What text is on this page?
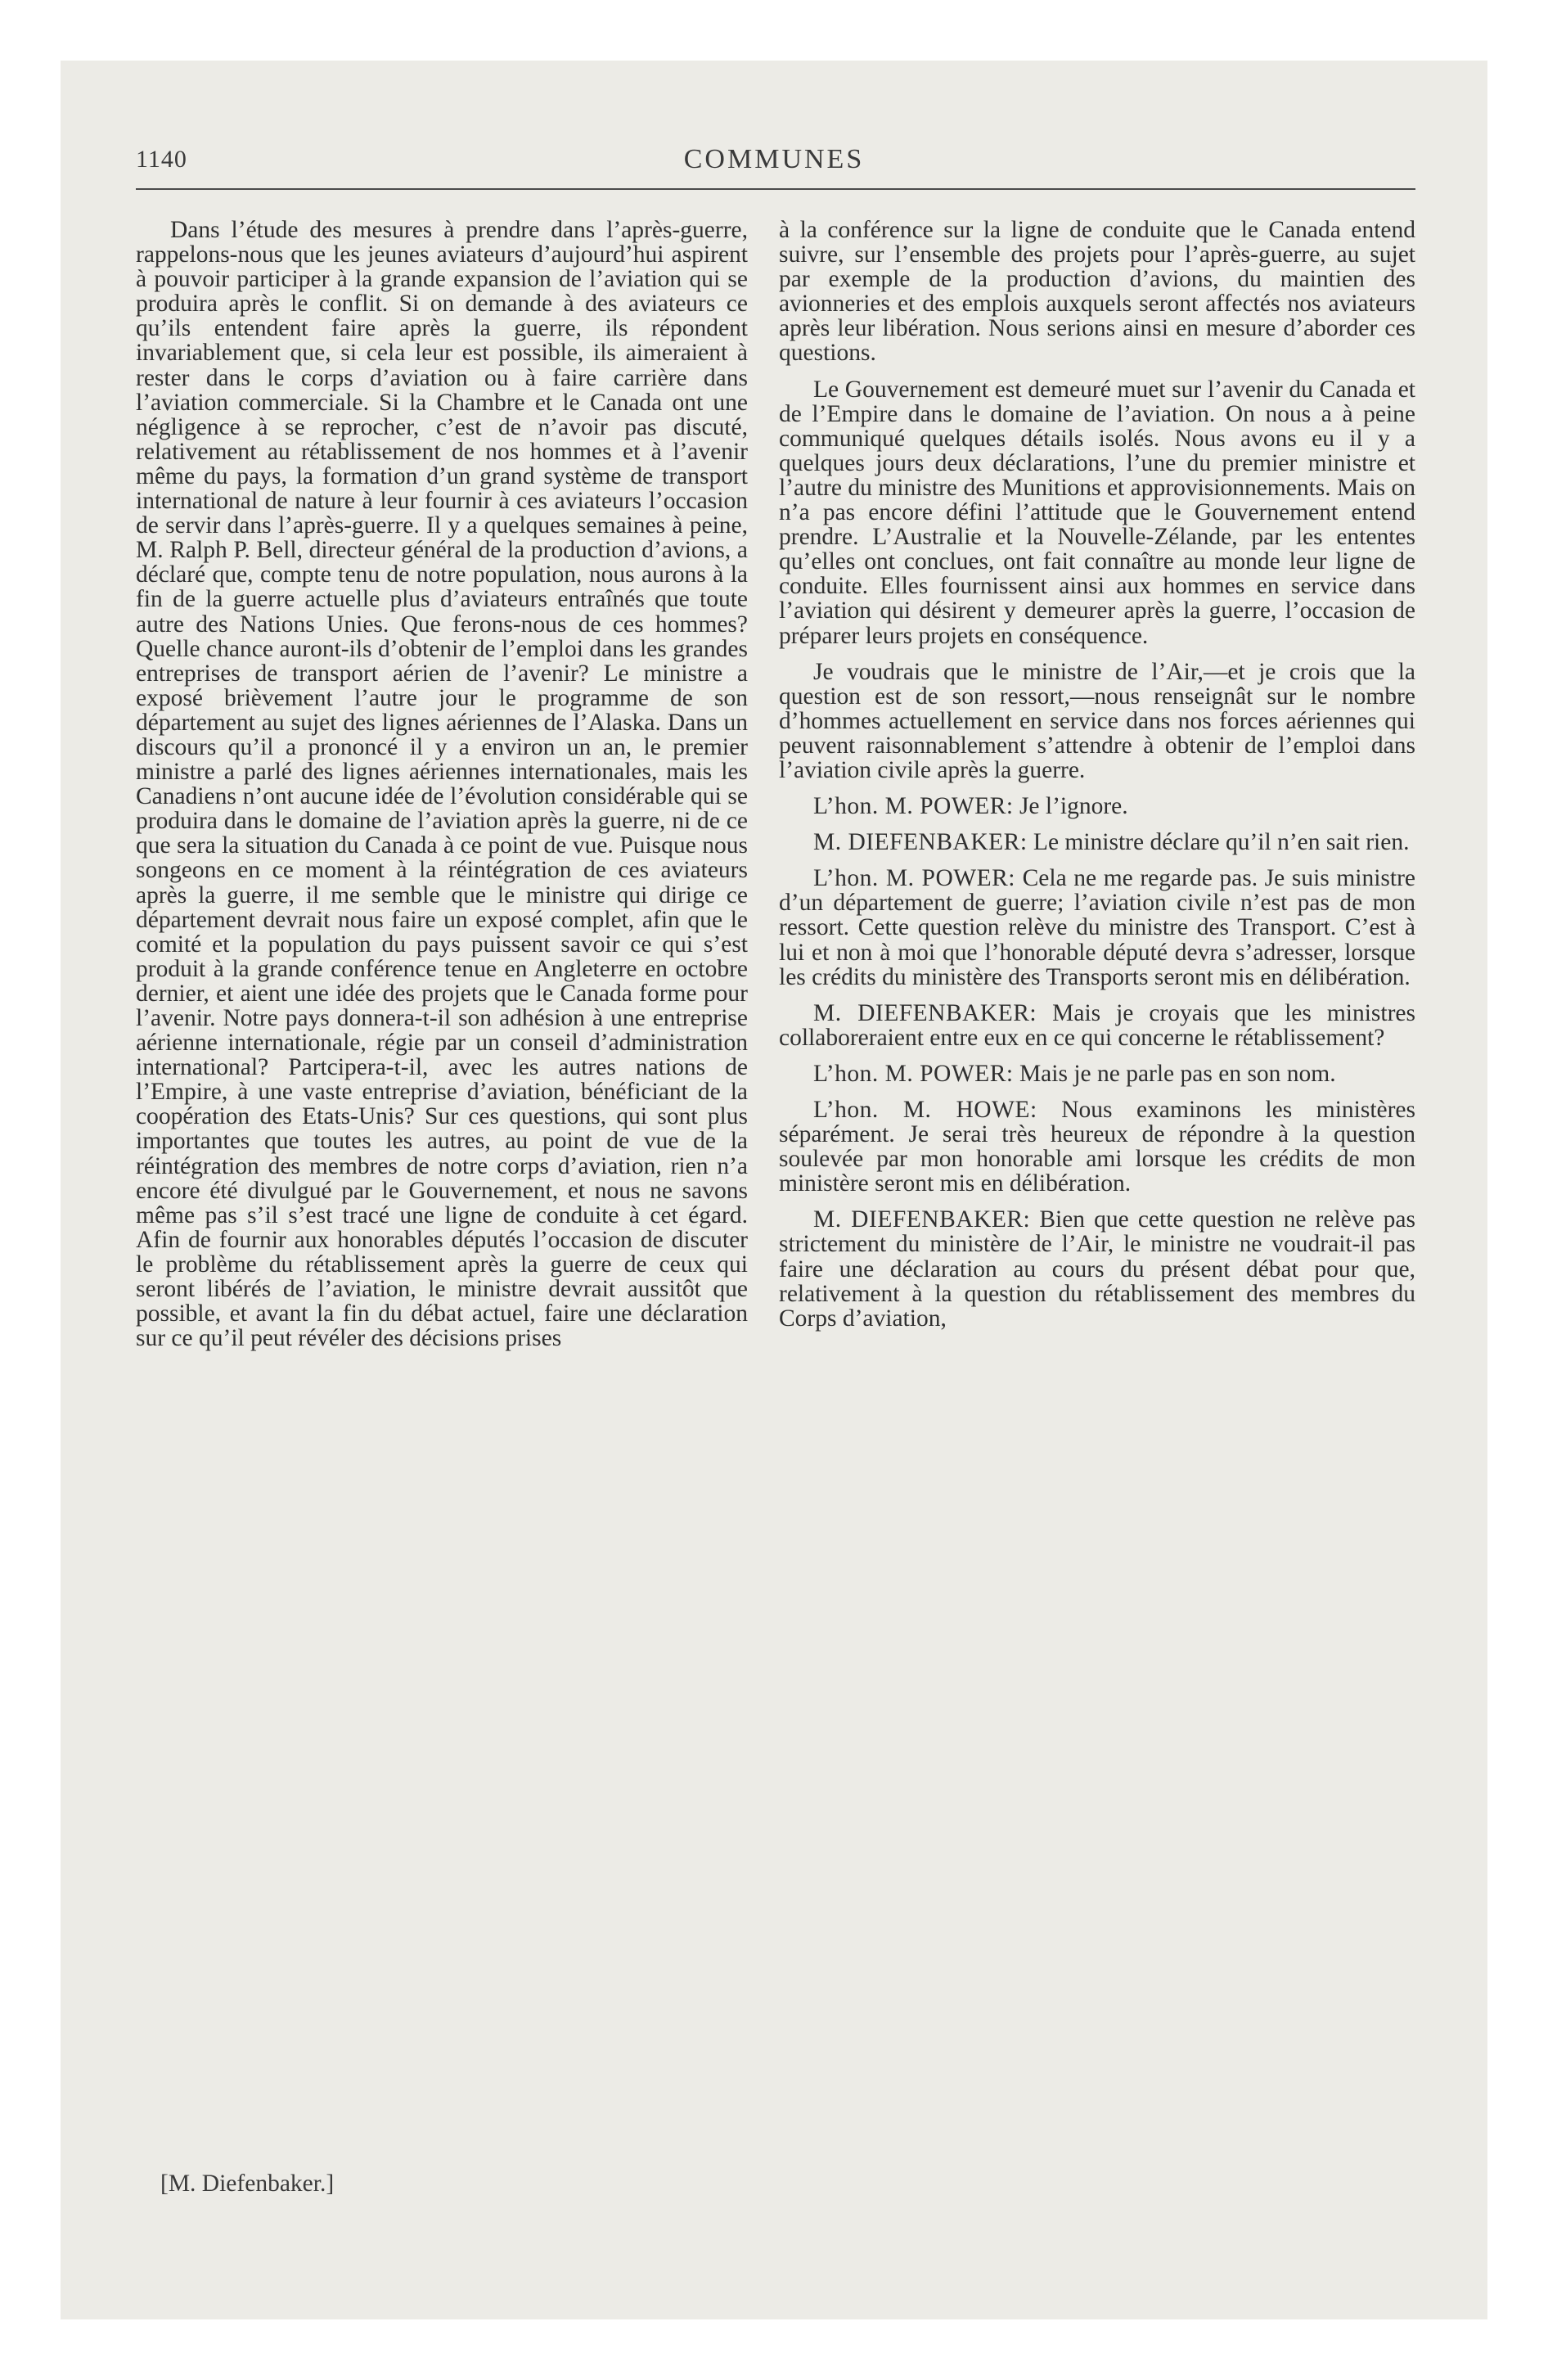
1140	COMMUNES

Dans l’étude des mesures à prendre dans l’après-guerre, rappelons-nous que les jeunes aviateurs d’aujourd’hui aspirent à pouvoir participer à la grande expansion de l’aviation qui se produira après le conflit. Si on demande à des aviateurs ce qu’ils entendent faire après la guerre, ils répondent invariablement que, si cela leur est possible, ils aimeraient à rester dans le corps d’aviation ou à faire carrière dans l’aviation commerciale. Si la Chambre et le Canada ont une négligence à se reprocher, c’est de n’avoir pas discuté, relativement au rétablissement de nos hommes et à l’avenir même du pays, la formation d’un grand système de transport international de nature à leur fournir à ces aviateurs l’occasion de servir dans l’après-guerre. Il y a quelques semaines à peine, M. Ralph P. Bell, directeur général de la production d’avions, a déclaré que, compte tenu de notre population, nous aurons à la fin de la guerre actuelle plus d’aviateurs entraînés que toute autre des Nations Unies. Que ferons-nous de ces hommes? Quelle chance auront-ils d’obtenir de l’emploi dans les grandes entreprises de transport aérien de l’avenir? Le ministre a exposé brièvement l’autre jour le programme de son département au sujet des lignes aériennes de l’Alaska. Dans un discours qu’il a prononcé il y a environ un an, le premier ministre a parlé des lignes aériennes internationales, mais les Canadiens n’ont aucune idée de l’évolution considérable qui se produira dans le domaine de l’aviation après la guerre, ni de ce que sera la situation du Canada à ce point de vue. Puisque nous songeons en ce moment à la réintégration de ces aviateurs après la guerre, il me semble que le ministre qui dirige ce département devrait nous faire un exposé complet, afin que le comité et la population du pays puissent savoir ce qui s’est produit à la grande conférence tenue en Angleterre en octobre dernier, et aient une idée des projets que le Canada forme pour l’avenir. Notre pays donnera-t-il son adhésion à une entreprise aérienne internationale, régie par un conseil d’administration international? Partcipera-t-il, avec les autres nations de l’Empire, à une vaste entreprise d’aviation, bénéficiant de la coopération des Etats-Unis? Sur ces questions, qui sont plus importantes que toutes les autres, au point de vue de la réintégration des membres de notre corps d’aviation, rien n’a encore été divulgué par le Gouvernement, et nous ne savons même pas s’il s’est tracé une ligne de conduite à cet égard. Afin de fournir aux honorables députés l’occasion de discuter le problème du rétablissement après la guerre de ceux qui seront libérés de l’aviation, le ministre devrait aussitôt que possible, et avant la fin du débat actuel, faire une déclaration sur ce qu’il peut révéler des décisions prises

à la conférence sur la ligne de conduite que le Canada entend suivre, sur l’ensemble des projets pour l’après-guerre, au sujet par exemple de la production d’avions, du maintien des avionneries et des emplois auxquels seront affectés nos aviateurs après leur libération. Nous serions ainsi en mesure d’aborder ces questions.

Le Gouvernement est demeuré muet sur l’avenir du Canada et de l’Empire dans le domaine de l’aviation. On nous a à peine communiqué quelques détails isolés. Nous avons eu il y a quelques jours deux déclarations, l’une du premier ministre et l’autre du ministre des Munitions et approvisionnements. Mais on n’a pas encore défini l’attitude que le Gouvernement entend prendre. L’Australie et la Nouvelle-Zélande, par les ententes qu’elles ont conclues, ont fait connaître au monde leur ligne de conduite. Elles fournissent ainsi aux hommes en service dans l’aviation qui désirent y demeurer après la guerre, l’occasion de préparer leurs projets en conséquence.

Je voudrais que le ministre de l’Air,—et je crois que la question est de son ressort,—nous renseignât sur le nombre d’hommes actuellement en service dans nos forces aériennes qui peuvent raisonnablement s’attendre à obtenir de l’emploi dans l’aviation civile après la guerre.

L’hon. M. POWER: Je l’ignore.

M. DIEFENBAKER: Le ministre déclare qu’il n’en sait rien.

L’hon. M. POWER: Cela ne me regarde pas. Je suis ministre d’un département de guerre; l’aviation civile n’est pas de mon ressort. Cette question relève du ministre des Transport. C’est à lui et non à moi que l’honorable député devra s’adresser, lorsque les crédits du ministère des Transports seront mis en délibération.

M. DIEFENBAKER: Mais je croyais que les ministres collaboreraient entre eux en ce qui concerne le rétablissement?

L’hon. M. POWER: Mais je ne parle pas en son nom.

L’hon. M. HOWE: Nous examinons les ministères séparément. Je serai très heureux de répondre à la question soulevée par mon honorable ami lorsque les crédits de mon ministère seront mis en délibération.

M. DIEFENBAKER: Bien que cette question ne relève pas strictement du ministère de l’Air, le ministre ne voudrait-il pas faire une déclaration au cours du présent débat pour que, relativement à la question du rétablissement des membres du Corps d’aviation,

[M. Diefenbaker.]
